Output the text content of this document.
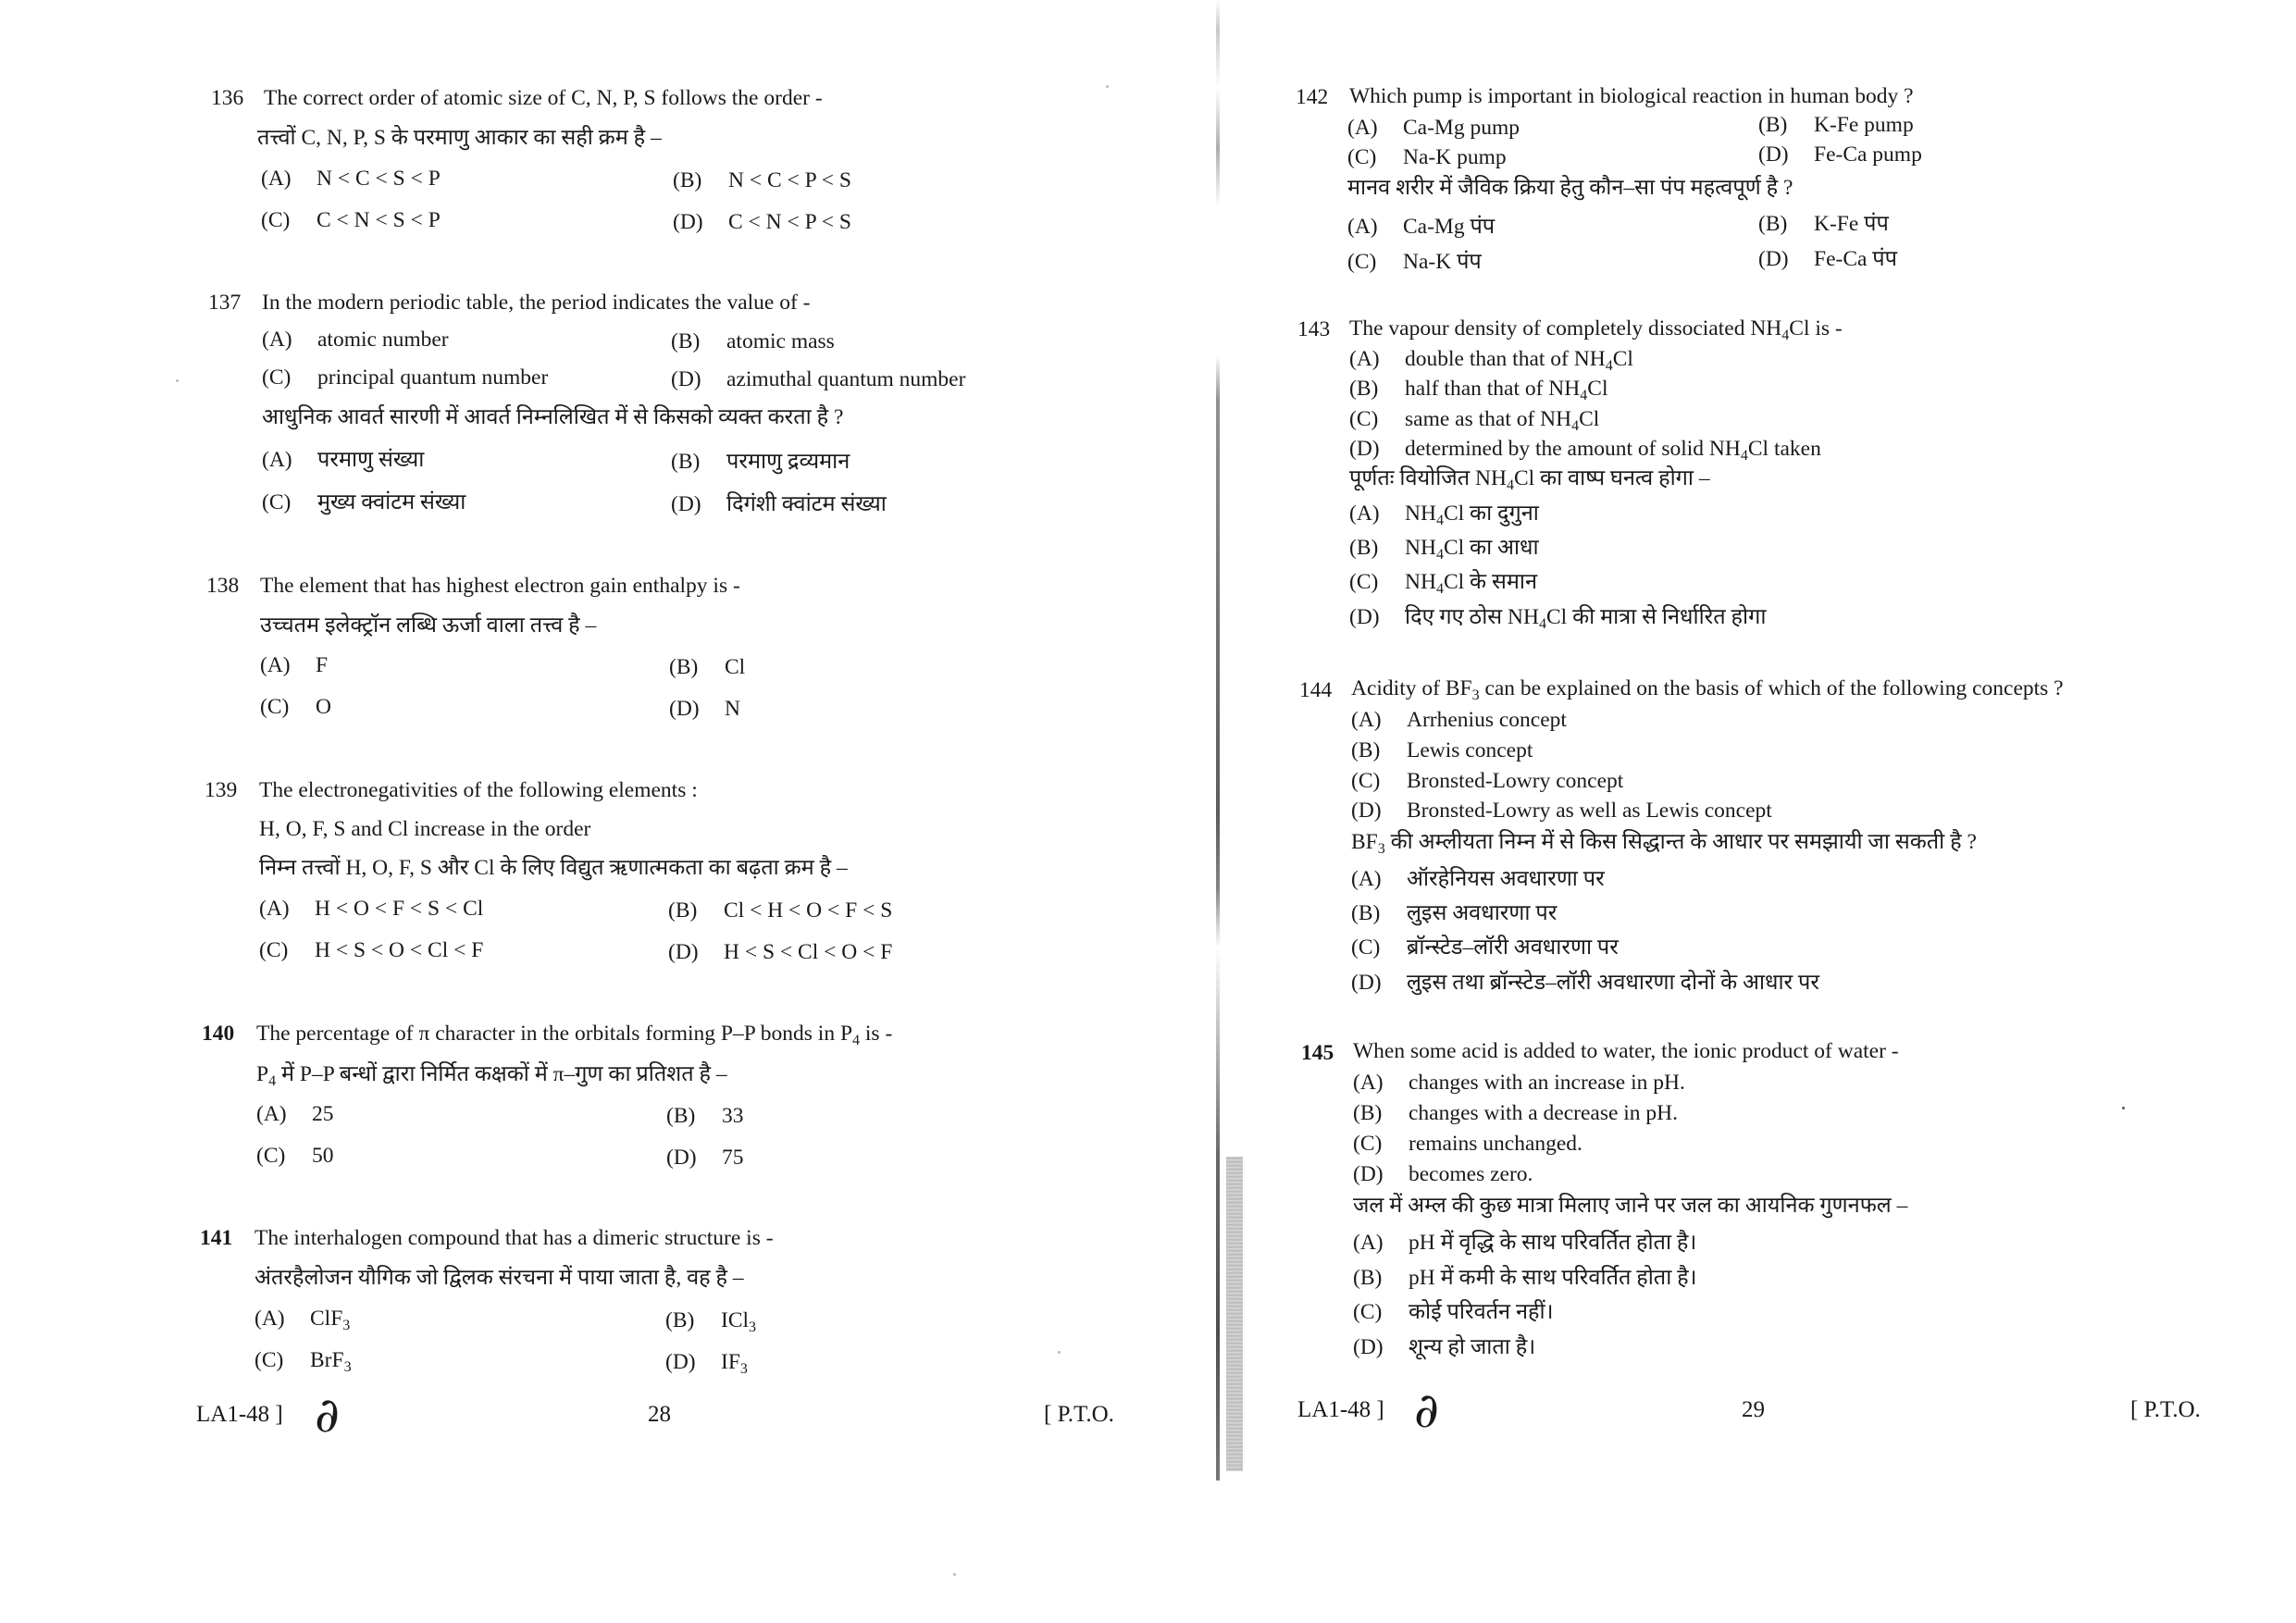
136 The correct order of atomic size of C, N, P, S follows the order -
तत्त्वों C, N, P, S के परमाणु आकार का सही क्रम है –
(A) N < C < S < P	(B) N < C < P < S
(C) C < N < S < P	(D) C < N < P < S
137 In the modern periodic table, the period indicates the value of -
(A) atomic number	(B) atomic mass
(C) principal quantum number	(D) azimuthal quantum number
आधुनिक आवर्त सारणी में आवर्त निम्नलिखित में से किसको व्यक्त करता है ?
(A) परमाणु संख्या	(B) परमाणु द्रव्यमान
(C) मुख्य क्वांटम संख्या	(D) दिगंशी क्वांटम संख्या
138 The element that has highest electron gain enthalpy is -
उच्चतम इलेक्ट्रॉन लब्धि ऊर्जा वाला तत्त्व है –
(A) F	(B) Cl
(C) O	(D) N
139 The electronegativities of the following elements :
H, O, F, S and Cl increase in the order
निम्न तत्त्वों H, O, F, S और Cl के लिए विद्युत ऋणात्मकता का बढ़ता क्रम है –
(A) H < O < F < S < Cl	(B) Cl < H < O < F < S
(C) H < S < O < Cl < F	(D) H < S < Cl < O < F
140 The percentage of π character in the orbitals forming P–P bonds in $P_4$ is -
$P_4$ में P–P बन्धों द्वारा निर्मित कक्षकों में π–गुण का प्रतिशत है –
(A) 25	(B) 33
(C) 50	(D) 75
141 The interhalogen compound that has a dimeric structure is -
अंतरहैलोजन यौगिक जो द्विलक संरचना में पाया जाता है, वह है –
(A) ClF$_3$	(B) ICl$_3$
(C) BrF$_3$	(D) $IF_3$
LA1-48 ] ∂	28	[ P.T.O.
142 Which pump is important in biological reaction in human body ?
(A) Ca-Mg pump	(B) K-Fe pump
(C) Na-K pump	(D) Fe-Ca pump
मानव शरीर में जैविक क्रिया हेतु कौन–सा पंप महत्वपूर्ण है ?
(A) Ca-Mg पंप	(B) K-Fe पंप
(C) Na-K पंप	(D) Fe-Ca पंप
143 The vapour density of completely dissociated $NH_4Cl$ is -
(A) double than that of $NH_4Cl$
(B) half than that of $NH_4Cl$
(C) same as that of $NH_4Cl$
(D) determined by the amount of solid $NH_4Cl$ taken
पूर्णतः वियोजित $NH_4Cl$ का वाष्प घनत्व होगा –
(A) $NH_4Cl$ का दुगुना
(B) $NH_4Cl$ का आधा
(C) $NH_4Cl$ के समान
(D) दिए गए ठोस $NH_4Cl$ की मात्रा से निर्धारित होगा
144 Acidity of $BF_3$ can be explained on the basis of which of the following concepts ?
(A) Arrhenius concept
(B) Lewis concept
(C) Bronsted-Lowry concept
(D) Bronsted-Lowry as well as Lewis concept
$BF_3$ की अम्लीयता निम्न में से किस सिद्धान्त के आधार पर समझायी जा सकती है ?
(A) ऑरहेनियस अवधारणा पर
(B) लुइस अवधारणा पर
(C) ब्रॉन्स्टेड–लॉरी अवधारणा पर
(D) लुइस तथा ब्रॉन्स्टेड–लॉरी अवधारणा दोनों के आधार पर
145 When some acid is added to water, the ionic product of water -
(A) changes with an increase in pH.
(B) changes with a decrease in pH.
(C) remains unchanged.
(D) becomes zero.
जल में अम्ल की कुछ मात्रा मिलाए जाने पर जल का आयनिक गुणनफल –
(A) pH में वृद्धि के साथ परिवर्तित होता है।
(B) pH में कमी के साथ परिवर्तित होता है।
(C) कोई परिवर्तन नहीं।
(D) शून्य हो जाता है।
LA1-48 ] ∂	29	[ P.T.O.
